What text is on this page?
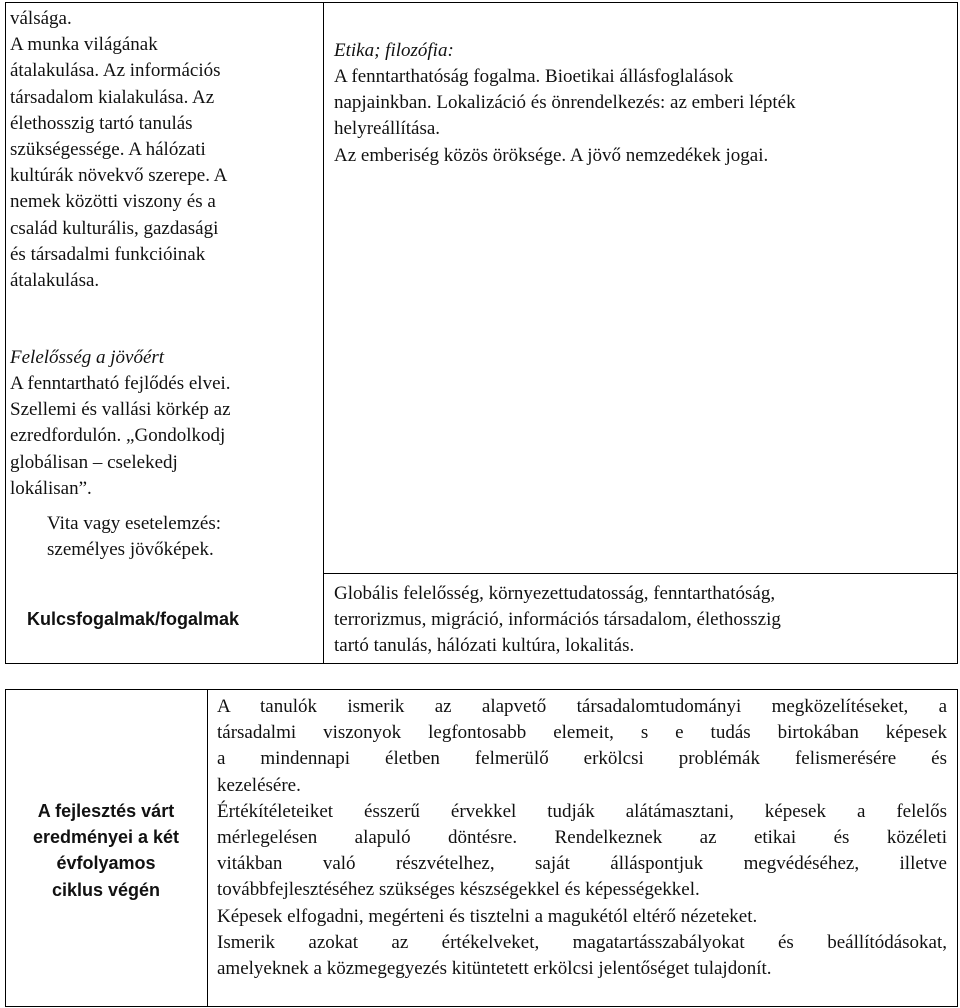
válsága.
A munka világának
átalakulása. Az információs
társadalom kialakulása. Az
élethosszig tartó tanulás
szükségessége. A hálózati
kultúrák növekvő szerepe. A
nemek közötti viszony és a
család kulturális, gazdasági
és társadalmi funkcióinak
átalakulása.
Felelősség a jövőért
A fenntartható fejlődés elvei.
Szellemi és vallási körkép az
ezredfordulón. „Gondolkodj
globálisan – cselekedj
lokálisan”.
Vita vagy esetelemzés:
személyes jövőképek.
Kulcsfogalmak/fogalmak
Etika; filozófia:
A fenntarthatóság fogalma. Bioetikai állásfoglalások
napjainkban. Lokalizáció és önrendelkezés: az emberi lépték
helyreállítása.
Az emberiség közös öröksége. A jövő nemzedékek jogai.
Globális felelősség, környezettudatosság, fenntarthatóság,
terrorizmus, migráció, információs társadalom, élethosszig
tartó tanulás, hálózati kultúra, lokalitás.
A fejlesztés várt
eredményei a két
évfolyamos
ciklus végén
A tanulók ismerik az alapvető társadalomtudományi megközelítéseket, a
társadalmi viszonyok legfontosabb elemeit, s e tudás birtokában képesek
a mindennapi életben felmerülő erkölcsi problémák felismerésére és
kezelésére.
Értékítéleteiket ésszerű érvekkel tudják alátámasztani, képesek a felelős
mérlegelésen alapuló döntésre. Rendelkeznek az etikai és közéleti
vitákban való részvételhez, saját álláspontjuk megvédéséhez, illetve
továbbfejlesztéséhez szükséges készségekkel és képességekkel.
Képesek elfogadni, megérteni és tisztelni a magukétól eltérő nézeteket.
Ismerik azokat az értékelveket, magatartásszabályokat és beállítódásokat,
amelyeknek a közmegegyezés kitüntetett erkölcsi jelentőséget tulajdonít.
